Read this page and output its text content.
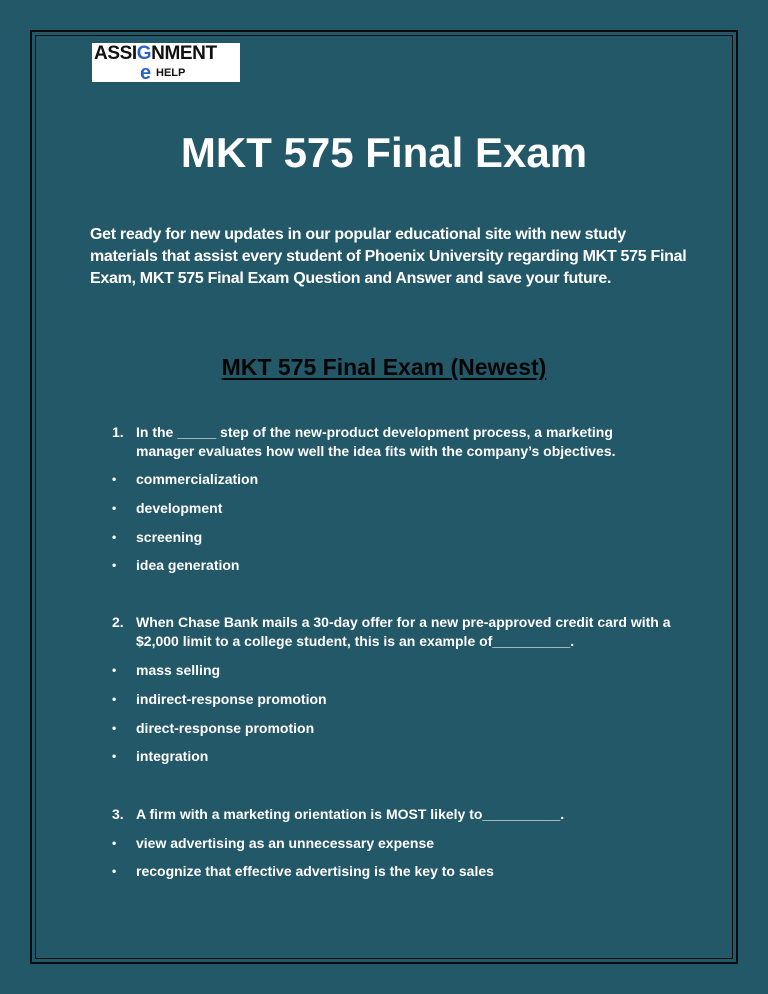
ASSIGNMENT
e HELP
MKT 575 Final Exam

Get ready for new updates in our popular educational site with new study materials that assist every student of Phoenix University regarding MKT 575 Final Exam, MKT 575 Final Exam Question and Answer and save your future.

MKT 575 Final Exam (Newest)
1. In the _____ step of the new-product development process, a marketing manager evaluates how well the idea fits with the company’s objectives.
• commercialization
• development
• screening
• idea generation
2. When Chase Bank mails a 30-day offer for a new pre-approved credit card with a $2,000 limit to a college student, this is an example of__________.
• mass selling
• indirect-response promotion
• direct-response promotion
• integration
3. A firm with a marketing orientation is MOST likely to__________.
• view advertising as an unnecessary expense
• recognize that effective advertising is the key to sales
